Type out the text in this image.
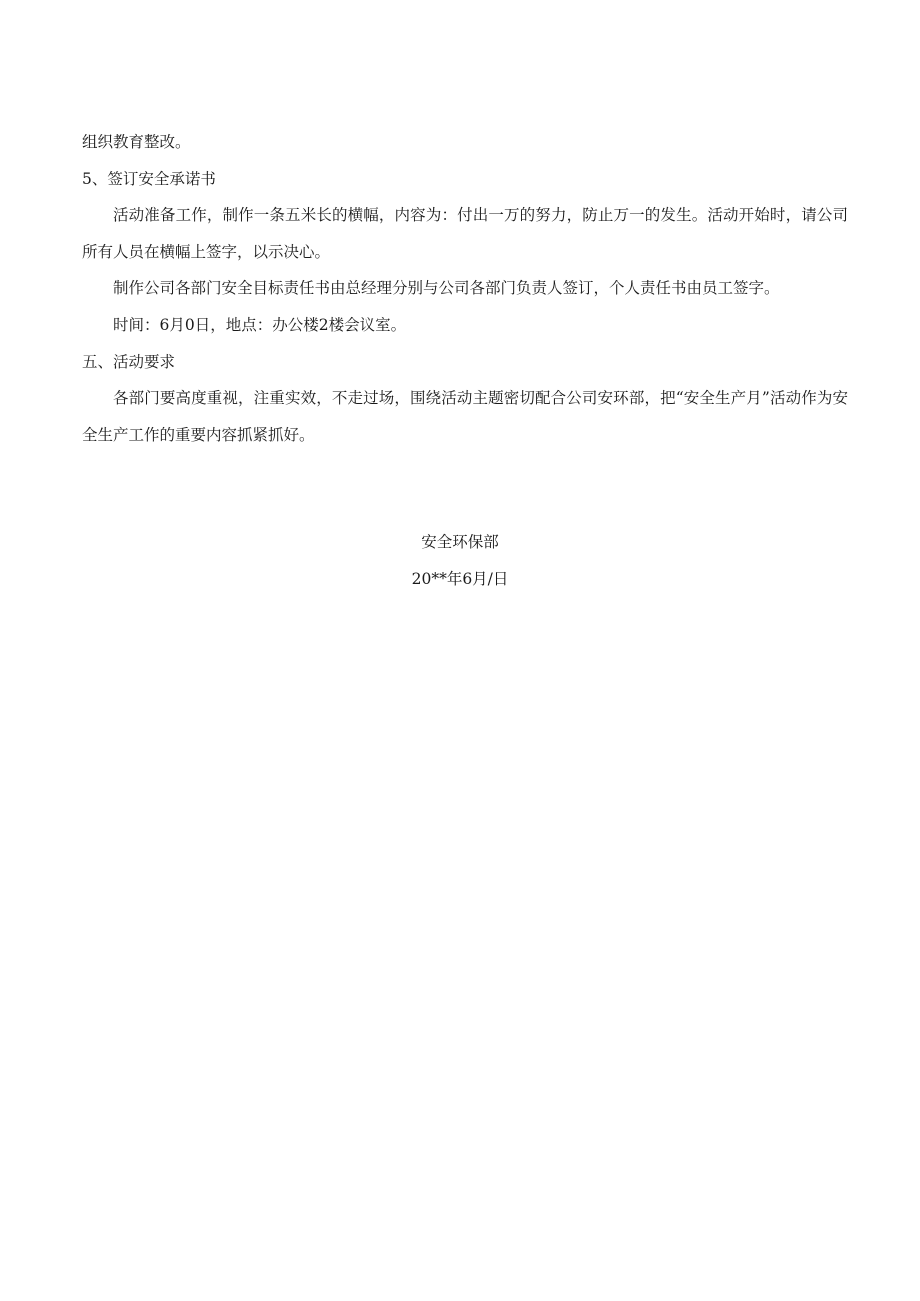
组织教育整改。

5、签订安全承诺书

活动准备工作，制作一条五米长的横幅，内容为：付出一万的努力，防止万一的发生。活动开始时，请公司所有人员在横幅上签字，以示决心。

制作公司各部门安全目标责任书由总经理分别与公司各部门负责人签订，个人责任书由员工签字。

时间：6月0日，地点：办公楼2楼会议室。

五、活动要求

各部门要高度重视，注重实效，不走过场，围绕活动主题密切配合公司安环部，把“安全生产月”活动作为安全生产工作的重要内容抓紧抓好。

安全环保部
20**年6月/日
